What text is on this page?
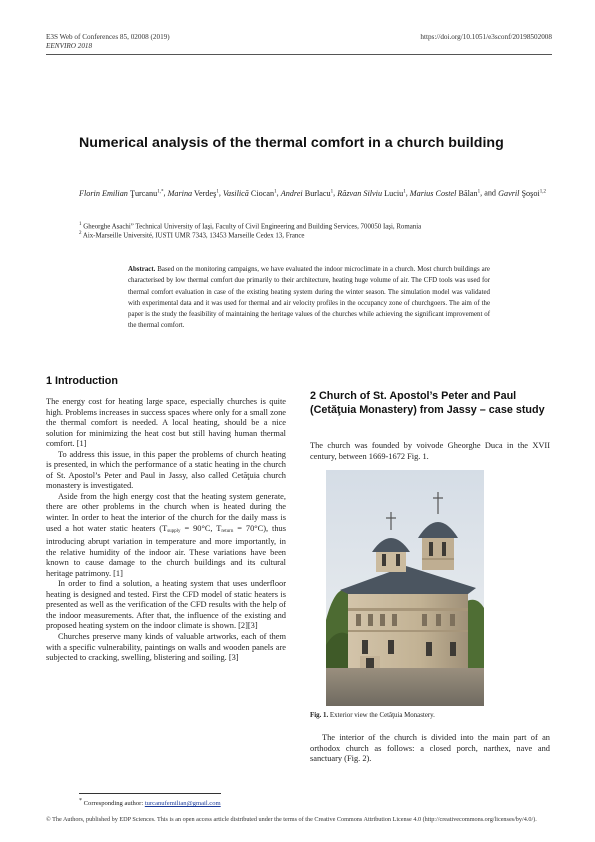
E3S Web of Conferences 85, 02008 (2019)
EENVIRO 2018
https://doi.org/10.1051/e3sconf/20198502008
Numerical analysis of the thermal comfort in a church building
Florin Emilian Ţurcanu$^{1,*}$, Marina Verdeş$^1$, Vasilică Ciocan$^1$, Andrei Burlacu$^1$, Răzvan Silviu Luciu$^1$, Marius Costel Bălan$^1$, and Gavril Şoşoi$^{1,2}$
$^1$ Gheorghe Asachi” Technical University of Iaşi, Faculty of Civil Engineering and Building Services, 700050 Iaşi, Romania
$^2$ Aix-Marseille Université, IUSTI UMR 7343, 13453 Marseille Cedex 13, France
Abstract. Based on the monitoring campaigns, we have evaluated the indoor microclimate in a church. Most church buildings are characterised by low thermal comfort due primarily to their architecture, heating huge volume of air. The CFD tools was used for thermal comfort evaluation in case of the existing heating system during the winter season. The simulation model was validated with experimental data and it was used for thermal and air velocity profiles in the occupancy zone of churchgoers. The aim of the paper is the study the feasibility of maintaining the heritage values of the churches while achieving the significant improvement of the thermal comfort.
1 Introduction

The energy cost for heating large space, especially churches is quite high. Problems increases in success spaces where only for a small zone the thermal comfort is needed. A local heating, should be a nice solution for minimizing the heat cost but still having human thermal comfort. [1]

To address this issue, in this paper the problems of church heating is presented, in which the performance of a static heating in the church of St. Apostol’s Peter and Paul in Jassy, also called Cetăţuia church monastery is investigated.

Aside from the high energy cost that the heating system generate, there are other problems in the church when is heated during the winter. In order to heat the interior of the church for the daily mass is used a hot water static heaters ($T_{supply} = 90^\circ C$, $T_{return} = 70^\circ C$), thus introducing abrupt variation in temperature and more importantly, in the relative humidity of the indoor air. These variations have been known to cause damage to the church buildings and its cultural heritage patrimony. [1]

In order to find a solution, a heating system that uses underfloor heating is designed and tested. First the CFD model of static heaters is presented as well as the verification of the CFD results with the help of the indoor measurements. After that, the influence of the existing and proposed heating system on the indoor climate is shown. [2][3]

Churches preserve many kinds of valuable artworks, each of them with a specific vulnerability, paintings on walls and wooden panels are subjected to cracking, swelling, blistering and soiling. [3]

2 Church of St. Apostol’s Peter and Paul (Cetăţuia Monastery) from Jassy – case study

The church was founded by voivode Gheorghe Duca in the XVII century, between 1669-1672 Fig. 1.

Fig. 1. Exterior view the Cetăţuia Monastery.

The interior of the church is divided into the main part of an orthodox church as follows: a closed porch, narthex, nave and sanctuary (Fig. 2).

* Corresponding author: turcanufemilian@gmail.com
© The Authors, published by EDP Sciences. This is an open access article distributed under the terms of the Creative Commons Attribution License 4.0 (http://creativecommons.org/licenses/by/4.0/).
